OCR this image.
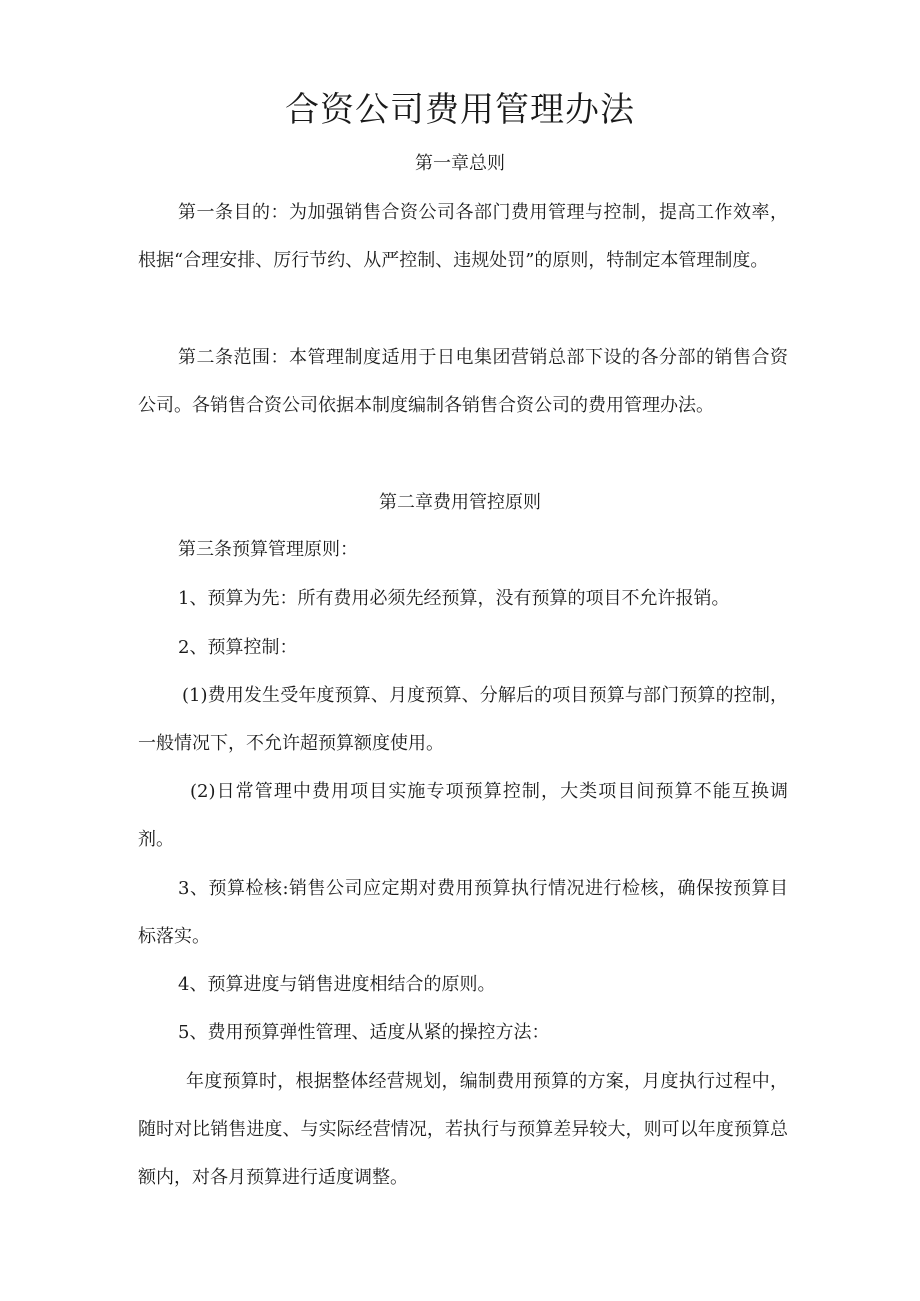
合资公司费用管理办法
第一章总则

第一条目的：为加强销售合资公司各部门费用管理与控制，提高工作效率，根据“合理安排、厉行节约、从严控制、违规处罚”的原则，特制定本管理制度。

第二条范围：本管理制度适用于日电集团营销总部下设的各分部的销售合资公司。各销售合资公司依据本制度编制各销售合资公司的费用管理办法。

第二章费用管控原则

第三条预算管理原则：

1、预算为先：所有费用必须先经预算，没有预算的项目不允许报销。

2、预算控制：

(1)费用发生受年度预算、月度预算、分解后的项目预算与部门预算的控制，一般情况下，不允许超预算额度使用。

(2)日常管理中费用项目实施专项预算控制，大类项目间预算不能互换调剂。

3、预算检核:销售公司应定期对费用预算执行情况进行检核，确保按预算目标落实。

4、预算进度与销售进度相结合的原则。

5、费用预算弹性管理、适度从紧的操控方法：

年度预算时，根据整体经营规划，编制费用预算的方案，月度执行过程中，随时对比销售进度、与实际经营情况，若执行与预算差异较大，则可以年度预算总额内，对各月预算进行适度调整。
